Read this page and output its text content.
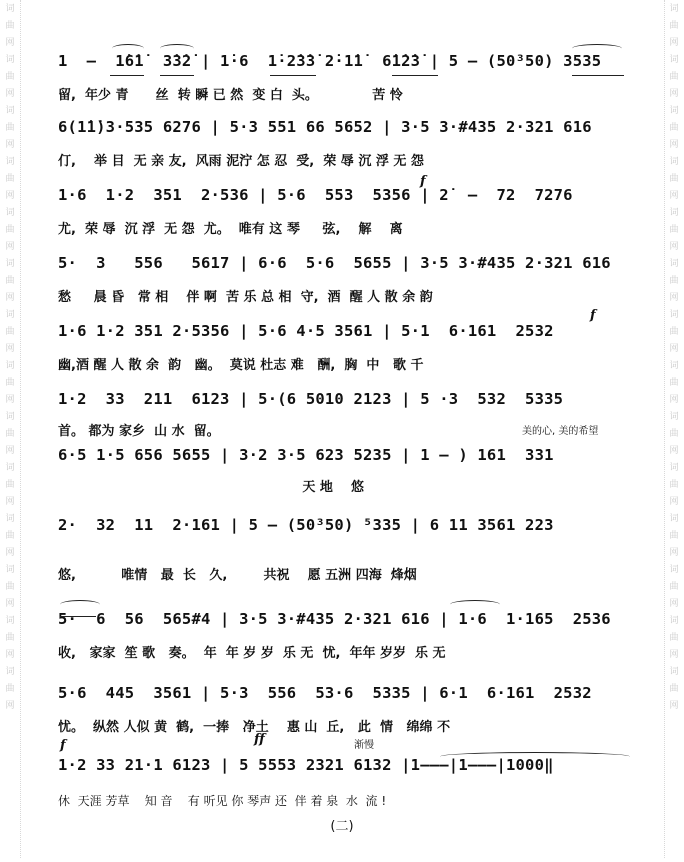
词
曲
网
词
曲
网
词
曲
网
词
曲
网
词
曲
网
词
曲
网
词
曲
网
词
曲
网
词
曲
网
词
曲
网
词
曲
网
词
曲
网
词
曲
网
词
曲
网
词
曲
网
词
曲
网
词
曲
网
词
曲
网
词
曲
网
词
曲
网
词
曲
网
词
曲
网
词
曲
网
词
曲
网
词
曲
网
词
曲
网
词
曲
网
词
曲
网
1  –  1̇6̇1̇  3̇3̇2̇ | 1̇·6  1̇·2̇3̇3̇ 2̇·1̇1̇  6̇1̇2̇3̇ | 5 – (50³50) 3535
留,  年少 青      丝  转 瞬 已 然  变 白  头。            苦 怜
6(1̇1̇)3·535 6276 | 5·3 551 66 5652 | 3·5 3·#435 2·321 616
仃,    举 目  无 亲 友,  风雨 泥泞 怎 忍  受,  荣 辱 沉 浮 无 怨
1·6  1·2  351  2·536 | 5·6  553  5356 | 2̇  –  72  7276
f
尤,  荣 辱  沉 浮  无 怨  尤。  唯有 这 琴     弦,    解    离
5·  3   556   5617 | 6·6  5·6  5655 | 3·5 3·#435 2·321 616
愁     晨 昏   常 相    伴 啊  苦 乐 总 相  守,  酒  醒 人 散 余 韵
1·6 1·2 351 2·5356 | 5·6 4·5 3561 | 5·1  6·161  2532
f
幽,酒 醒 人 散 余  韵   幽。  莫说 杜志 难   酬,  胸  中   歌 千
1·2  33  211  6123 | 5·(6 5010 2123 | 5 ·3  532  5335
首。 都为 家乡  山 水  留。	美的心, 美的希望
6·5 1·5 656 5655 | 3·2 3·5 623 5235 | 1 – ) 161  331
天 地    悠
2·  32  11  2·161 | 5 – (50³50) ⁵335 | 6 11 3561 223
悠,          唯情   最  长   久,        共祝    愿 五洲 四海  烽烟
5·  6  56  565#4 | 3·5 3·#435 2·321 616 | 1·6  1·165  2536
收,   家家  笙 歌   奏。  年  年 岁 岁  乐 无  忧,  年年 岁岁  乐 无
5·6  445  3561 | 5·3  556  53·6  5335 | 6·1  6·161  2532
忧。  纵然 人似 黄  鹤,  一捧   净土    惠 山  丘,   此  情   绵绵 不
f	ff	渐慢
1·2 33 21·1 6123 | 5 5553 2321 6132 |1–––|1–––|1000‖
休  天涯 芳草    知 音    有 听见 你 琴声 还  伴 着 泉  水  流 !
(二)
